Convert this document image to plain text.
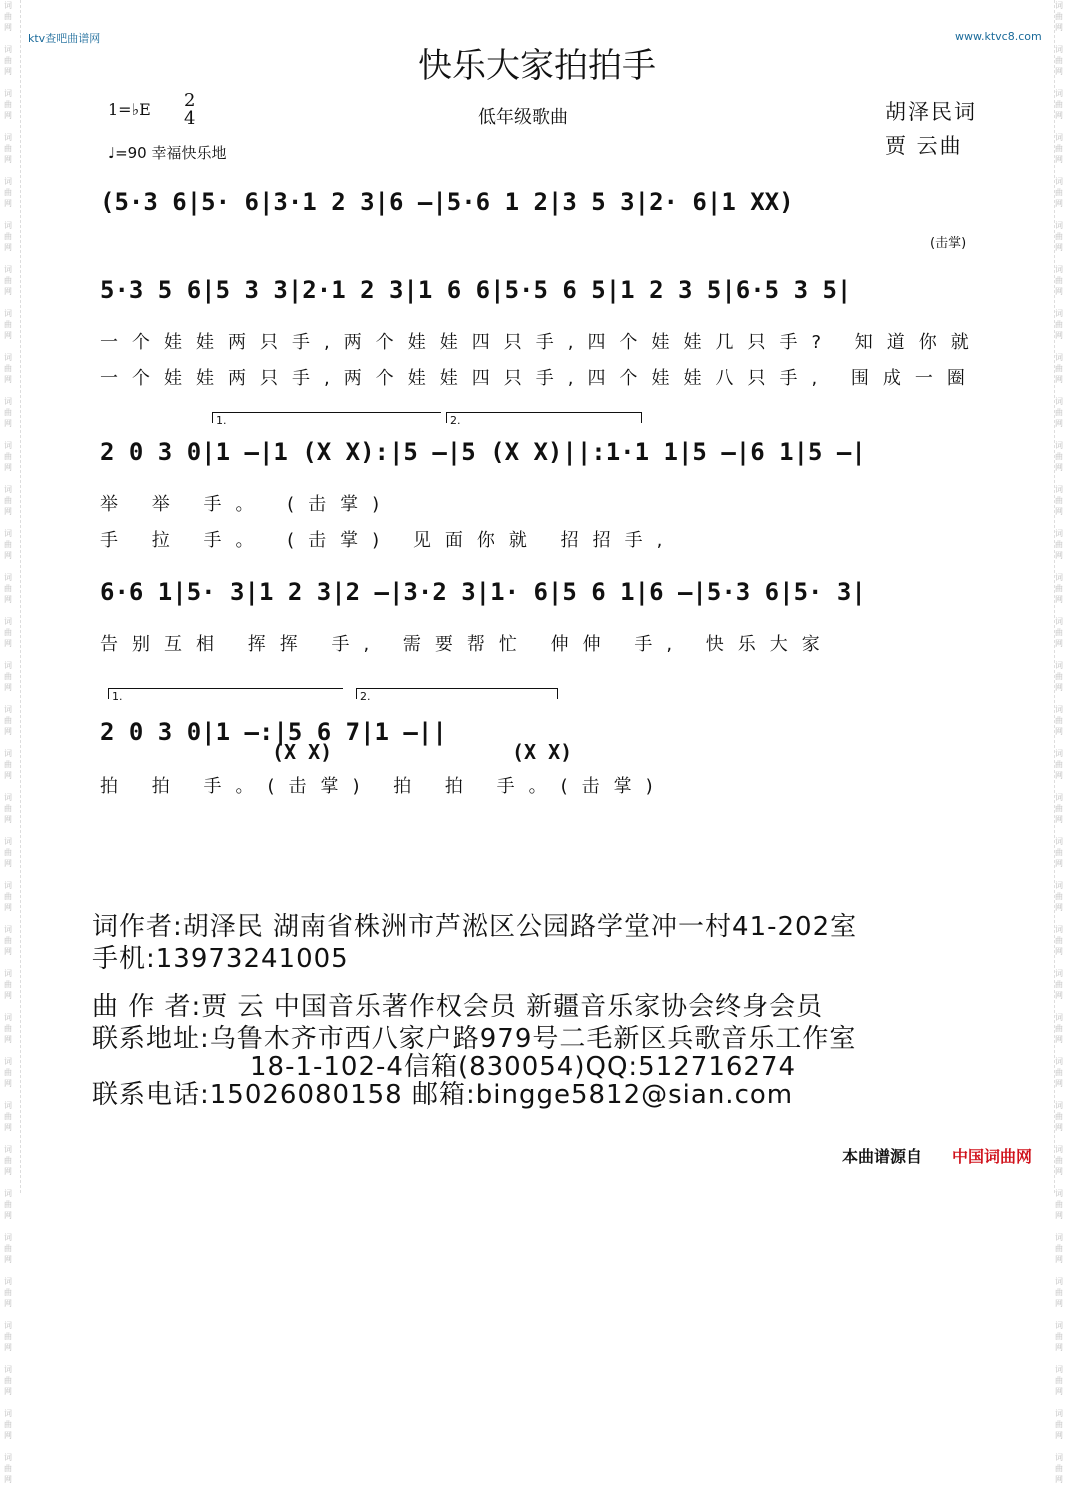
词
曲
网

词
曲
网

词
曲
网

词
曲
网

词
曲
网

词
曲
网

词
曲
网

词
曲
网

词
曲
网

词
曲
网

词
曲
网

词
曲
网

词
曲
网

词
曲
网

词
曲
网

词
曲
网

词
曲
网

词
曲
网

词
曲
网

词
曲
网

词
曲
网

词
曲
网

词
曲
网

词
曲
网

词
曲
网

词
曲
网

词
曲
网

词
曲
网

词
曲
网

词
曲
网

词
曲
网

词
曲
网

词
曲
网

词
曲
网

词
曲
网

词
曲
网

词
曲
网

词
曲
网

词
曲
网

词
曲
网

词
曲
网

词
曲
网

词
曲
网

词
曲
网

词
曲
网

词
曲
网

词
曲
网

词
曲
网

词
曲
网

词
曲
网

词
曲
网

词
曲
网

词
曲
网

词
曲
网

词
曲
网

词
曲
网

词
曲
网

词
曲
网

词
曲
网

词
曲
网

词
曲
网

词
曲
网

词
曲
网

词
曲
网

词
曲
网

词
曲
网

词
曲
网

词
曲
网

ktv查吧曲谱网	www.ktvc8.com
快乐大家拍拍手
1=♭E 2
4
♩=90 幸福快乐地
低年级歌曲	胡泽民词
贾 云曲
(5·3 6|5· 6|3·1 2 3|6 –|5·6 1 2|3 5 3|2· 6|1 XX)
(击掌)
5·3 5 6|5 3 3|2·1 2 3|1 6 6|5·5 6 5|1 2 3 5|6·5 3 5|
一个娃娃两只手,两个娃娃四只手,四个娃娃几只手? 知道你就
一个娃娃两只手,两个娃娃四只手,四个娃娃八只手, 围成一圈
1.	2.
2 0 3 0|1 –|1 (X X):|5 –|5 (X X)||:1·1 1|5 –|6 1|5 –|
举 举 手。 (击掌)
手 拉 手。 (击掌) 见面你就 招招手,
6·6 1|5· 3|1 2 3|2 –|3·2 3|1· 6|5 6 1|6 –|5·3 6|5· 3|
告别互相 挥挥 手, 需要帮忙 伸伸 手, 快乐大家
1.	2.
2 0 3 0|1 –:|5 6 7|1 –||
(X X)	(X X)
拍 拍 手。(击掌) 拍 拍 手。(击掌)
词作者:胡泽民 湖南省株洲市芦淞区公园路学堂冲一村41-202室
手机:13973241005
曲 作 者:贾 云 中国音乐著作权会员 新疆音乐家协会终身会员
联系地址:乌鲁木齐市西八家户路979号二毛新区兵歌音乐工作室
18-1-102-4信箱(830054)QQ:512716274
联系电话:15026080158 邮箱:bingge5812@sian.com
本曲谱源自 中国词曲网
